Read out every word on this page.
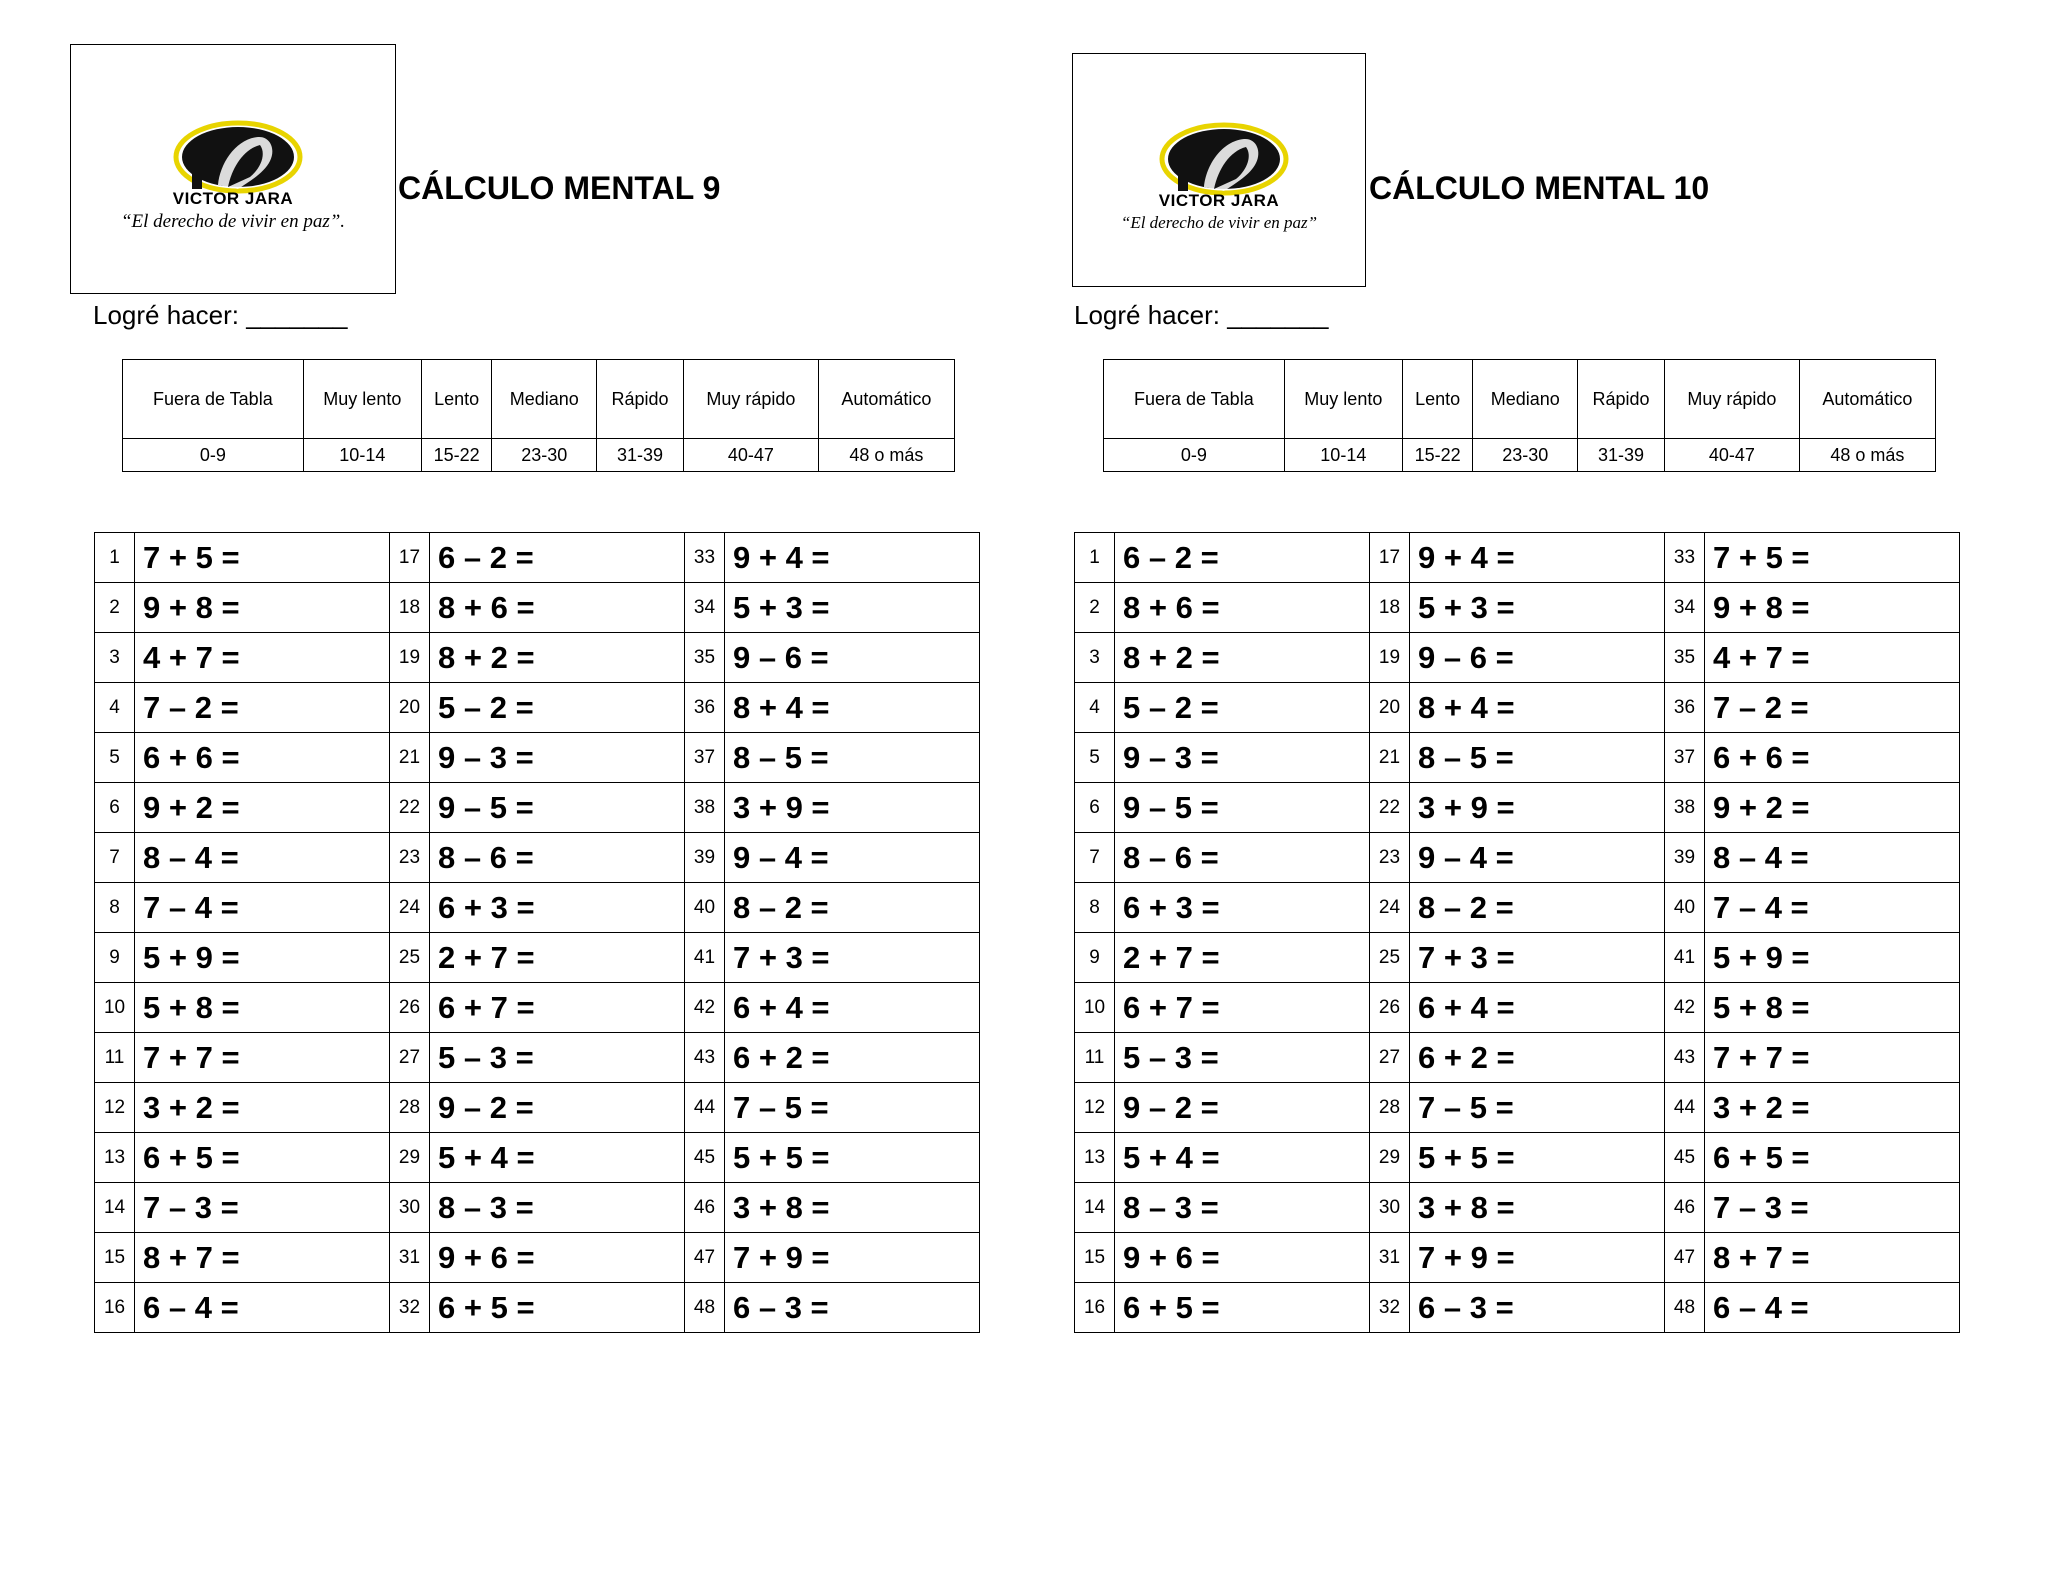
VICTOR JARA
“El derecho de vivir en paz”.
CÁLCULO MENTAL 9
Logré hacer: _______
Fuera de Tabla	Muy lento	Lento	Mediano	Rápido	Muy rápido	Automático
0-9	10-14	15-22	23-30	31-39	40-47	48 o más
1	7 + 5 =	17	6 – 2 =	33	9 + 4 =
2	9 + 8 =	18	8 + 6 =	34	5 + 3 =
3	4 + 7 =	19	8 + 2 =	35	9 – 6 =
4	7 – 2 =	20	5 – 2 =	36	8 + 4 =
5	6 + 6 =	21	9 – 3 =	37	8 – 5 =
6	9 + 2 =	22	9 – 5 =	38	3 + 9 =
7	8 – 4 =	23	8 – 6 =	39	9 – 4 =
8	7 – 4 =	24	6 + 3 =	40	8 – 2 =
9	5 + 9 =	25	2 + 7 =	41	7 + 3 =
10	5 + 8 =	26	6 + 7 =	42	6 + 4 =
11	7 + 7 =	27	5 – 3 =	43	6 + 2 =
12	3 + 2 =	28	9 – 2 =	44	7 – 5 =
13	6 + 5 =	29	5 + 4 =	45	5 + 5 =
14	7 – 3 =	30	8 – 3 =	46	3 + 8 =
15	8 + 7 =	31	9 + 6 =	47	7 + 9 =
16	6 – 4 =	32	6 + 5 =	48	6 – 3 =
VICTOR JARA
“El derecho de vivir en paz”
CÁLCULO MENTAL 10
Logré hacer: _______
Fuera de Tabla	Muy lento	Lento	Mediano	Rápido	Muy rápido	Automático
0-9	10-14	15-22	23-30	31-39	40-47	48 o más
1	6 – 2 =	17	9 + 4 =	33	7 + 5 =
2	8 + 6 =	18	5 + 3 =	34	9 + 8 =
3	8 + 2 =	19	9 – 6 =	35	4 + 7 =
4	5 – 2 =	20	8 + 4 =	36	7 – 2 =
5	9 – 3 =	21	8 – 5 =	37	6 + 6 =
6	9 – 5 =	22	3 + 9 =	38	9 + 2 =
7	8 – 6 =	23	9 – 4 =	39	8 – 4 =
8	6 + 3 =	24	8 – 2 =	40	7 – 4 =
9	2 + 7 =	25	7 + 3 =	41	5 + 9 =
10	6 + 7 =	26	6 + 4 =	42	5 + 8 =
11	5 – 3 =	27	6 + 2 =	43	7 + 7 =
12	9 – 2 =	28	7 – 5 =	44	3 + 2 =
13	5 + 4 =	29	5 + 5 =	45	6 + 5 =
14	8 – 3 =	30	3 + 8 =	46	7 – 3 =
15	9 + 6 =	31	7 + 9 =	47	8 + 7 =
16	6 + 5 =	32	6 – 3 =	48	6 – 4 =
